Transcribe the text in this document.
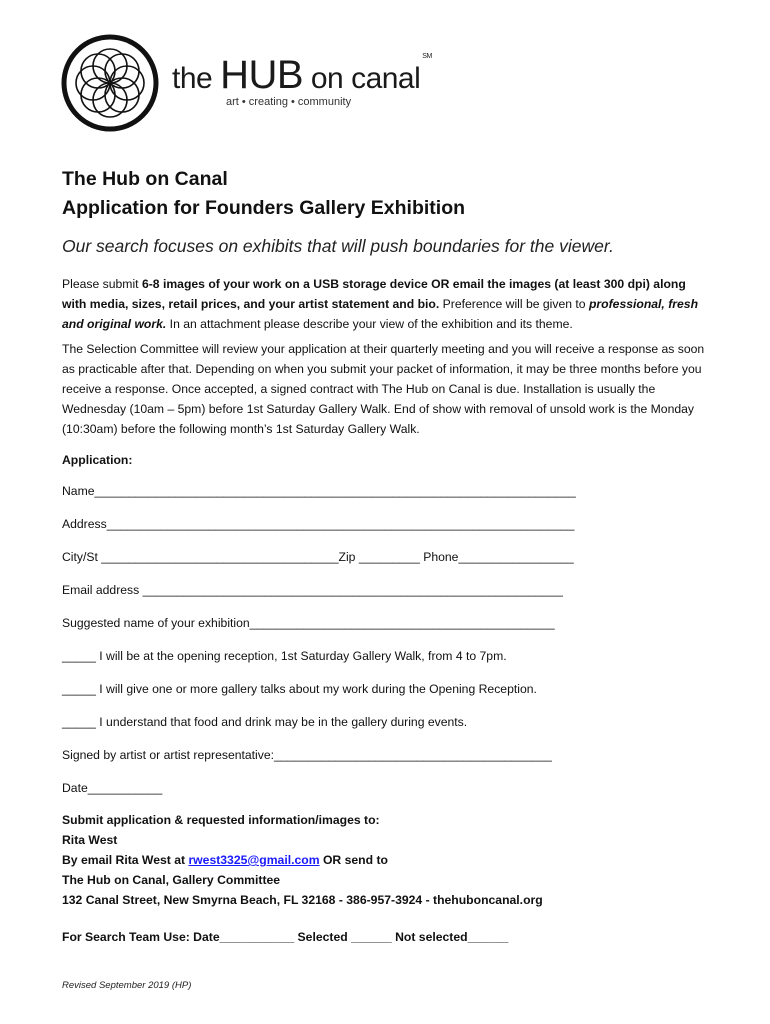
the HUB on canal℠
art • creating • community
The Hub on Canal
Application for Founders Gallery Exhibition
Our search focuses on exhibits that will push boundaries for the viewer.

Please submit 6-8 images of your work on a USB storage device OR email the images (at least 300 dpi) along with media, sizes, retail prices, and your artist statement and bio. Preference will be given to professional, fresh and original work. In an attachment please describe your view of the exhibition and its theme.

The Selection Committee will review your application at their quarterly meeting and you will receive a response as soon as practicable after that. Depending on when you submit your packet of information, it may be three months before you receive a response. Once accepted, a signed contract with The Hub on Canal is due. Installation is usually the Wednesday (10am – 5pm) before 1st Saturday Gallery Walk. End of show with removal of unsold work is the Monday (10:30am) before the following month’s 1st Saturday Gallery Walk.

Application:
Name_______________________________________________________________________
Address_____________________________________________________________________
City/St ___________________________________Zip _________ Phone_________________
Email address ______________________________________________________________
Suggested name of your exhibition_____________________________________________
_____ I will be at the opening reception, 1st Saturday Gallery Walk, from 4 to 7pm.
_____ I will give one or more gallery talks about my work during the Opening Reception.
_____ I understand that food and drink may be in the gallery during events.
Signed by artist or artist representative:_________________________________________
Date___________
Submit application & requested information/images to:
Rita West
By email Rita West at rwest3325@gmail.com OR send to
The Hub on Canal, Gallery Committee
132 Canal Street, New Smyrna Beach, FL 32168 - 386-957-3924 - thehuboncanal.org
For Search Team Use: Date___________ Selected ______ Not selected______
Revised September 2019 (HP)
